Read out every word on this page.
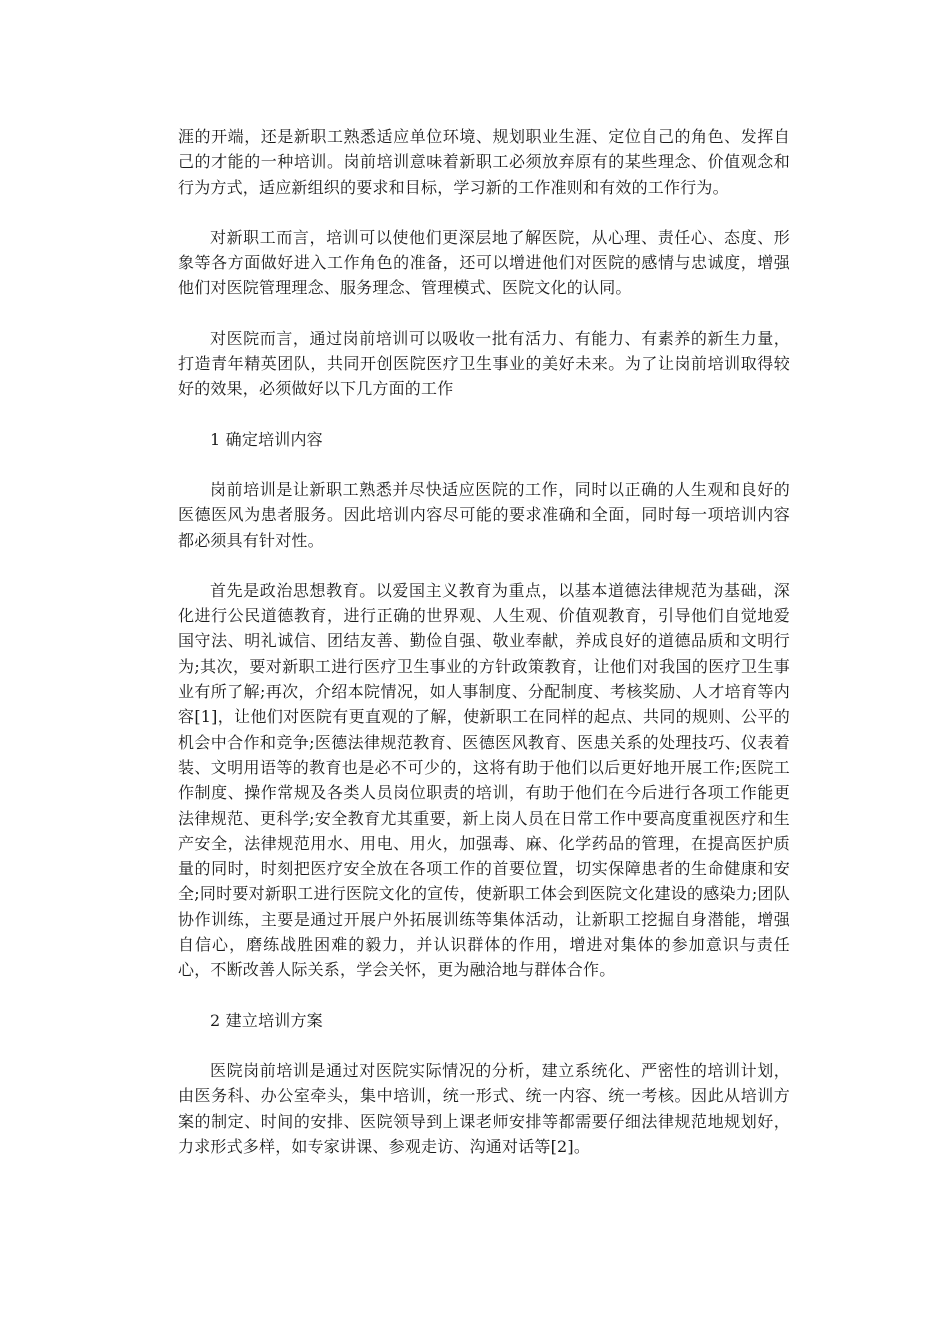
涯的开端，还是新职工熟悉适应单位环境、规划职业生涯、定位自己的角色、发挥自己的才能的一种培训。岗前培训意味着新职工必须放弃原有的某些理念、价值观念和行为方式，适应新组织的要求和目标，学习新的工作准则和有效的工作行为。

对新职工而言，培训可以使他们更深层地了解医院，从心理、责任心、态度、形象等各方面做好进入工作角色的准备，还可以增进他们对医院的感情与忠诚度，增强他们对医院管理理念、服务理念、管理模式、医院文化的认同。

对医院而言，通过岗前培训可以吸收一批有活力、有能力、有素养的新生力量，打造青年精英团队，共同开创医院医疗卫生事业的美好未来。为了让岗前培训取得较好的效果，必须做好以下几方面的工作

1 确定培训内容

岗前培训是让新职工熟悉并尽快适应医院的工作，同时以正确的人生观和良好的医德医风为患者服务。因此培训内容尽可能的要求准确和全面，同时每一项培训内容都必须具有针对性。

首先是政治思想教育。以爱国主义教育为重点，以基本道德法律规范为基础，深化进行公民道德教育，进行正确的世界观、人生观、价值观教育，引导他们自觉地爱国守法、明礼诚信、团结友善、勤俭自强、敬业奉献，养成良好的道德品质和文明行为;其次，要对新职工进行医疗卫生事业的方针政策教育，让他们对我国的医疗卫生事业有所了解;再次，介绍本院情况，如人事制度、分配制度、考核奖励、人才培育等内容[1]，让他们对医院有更直观的了解，使新职工在同样的起点、共同的规则、公平的机会中合作和竞争;医德法律规范教育、医德医风教育、医患关系的处理技巧、仪表着装、文明用语等的教育也是必不可少的，这将有助于他们以后更好地开展工作;医院工作制度、操作常规及各类人员岗位职责的培训，有助于他们在今后进行各项工作能更法律规范、更科学;安全教育尤其重要，新上岗人员在日常工作中要高度重视医疗和生产安全，法律规范用水、用电、用火，加强毒、麻、化学药品的管理，在提高医护质量的同时，时刻把医疗安全放在各项工作的首要位置，切实保障患者的生命健康和安全;同时要对新职工进行医院文化的宣传，使新职工体会到医院文化建设的感染力;团队协作训练，主要是通过开展户外拓展训练等集体活动，让新职工挖掘自身潜能，增强自信心，磨练战胜困难的毅力，并认识群体的作用，增进对集体的参加意识与责任心，不断改善人际关系，学会关怀，更为融洽地与群体合作。

2 建立培训方案

医院岗前培训是通过对医院实际情况的分析，建立系统化、严密性的培训计划，由医务科、办公室牵头，集中培训，统一形式、统一内容、统一考核。因此从培训方案的制定、时间的安排、医院领导到上课老师安排等都需要仔细法律规范地规划好，力求形式多样，如专家讲课、参观走访、沟通对话等[2]。
